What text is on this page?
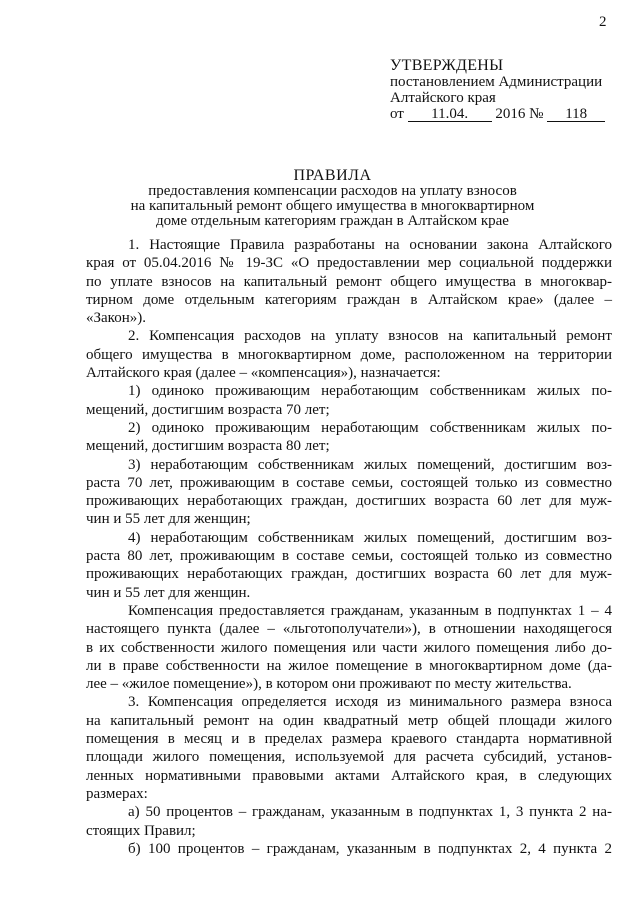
2
УТВЕРЖДЕНЫ
постановлением Администрации
Алтайского края
от 11.04. 2016 № 118
ПРАВИЛА
предоставления компенсации расходов на уплату взносов
на капитальный ремонт общего имущества в многоквартирном
доме отдельным категориям граждан в Алтайском крае
1. Настоящие Правила разработаны на основании закона Алтайского
края от 05.04.2016 № 19-ЗС «О предоставлении мер социальной поддержки
по уплате взносов на капитальный ремонт общего имущества в многоквар-
тирном доме отдельным категориям граждан в Алтайском крае» (далее –
«Закон»).
2. Компенсация расходов на уплату взносов на капитальный ремонт
общего имущества в многоквартирном доме, расположенном на территории
Алтайского края (далее – «компенсация»), назначается:
1) одиноко проживающим неработающим собственникам жилых по-
мещений, достигшим возраста 70 лет;
2) одиноко проживающим неработающим собственникам жилых по-
мещений, достигшим возраста 80 лет;
3) неработающим собственникам жилых помещений, достигшим воз-
раста 70 лет, проживающим в составе семьи, состоящей только из совместно
проживающих неработающих граждан, достигших возраста 60 лет для муж-
чин и 55 лет для женщин;
4) неработающим собственникам жилых помещений, достигшим воз-
раста 80 лет, проживающим в составе семьи, состоящей только из совместно
проживающих неработающих граждан, достигших возраста 60 лет для муж-
чин и 55 лет для женщин.
Компенсация предоставляется гражданам, указанным в подпунктах 1 – 4
настоящего пункта (далее – «льготополучатели»), в отношении находящегося
в их собственности жилого помещения или части жилого помещения либо до-
ли в праве собственности на жилое помещение в многоквартирном доме (да-
лее – «жилое помещение»), в котором они проживают по месту жительства.
3. Компенсация определяется исходя из минимального размера взноса
на капитальный ремонт на один квадратный метр общей площади жилого
помещения в месяц и в пределах размера краевого стандарта нормативной
площади жилого помещения, используемой для расчета субсидий, установ-
ленных нормативными правовыми актами Алтайского края, в следующих
размерах:
а) 50 процентов – гражданам, указанным в подпунктах 1, 3 пункта 2 на-
стоящих Правил;
б) 100 процентов – гражданам, указанным в подпунктах 2, 4 пункта 2
